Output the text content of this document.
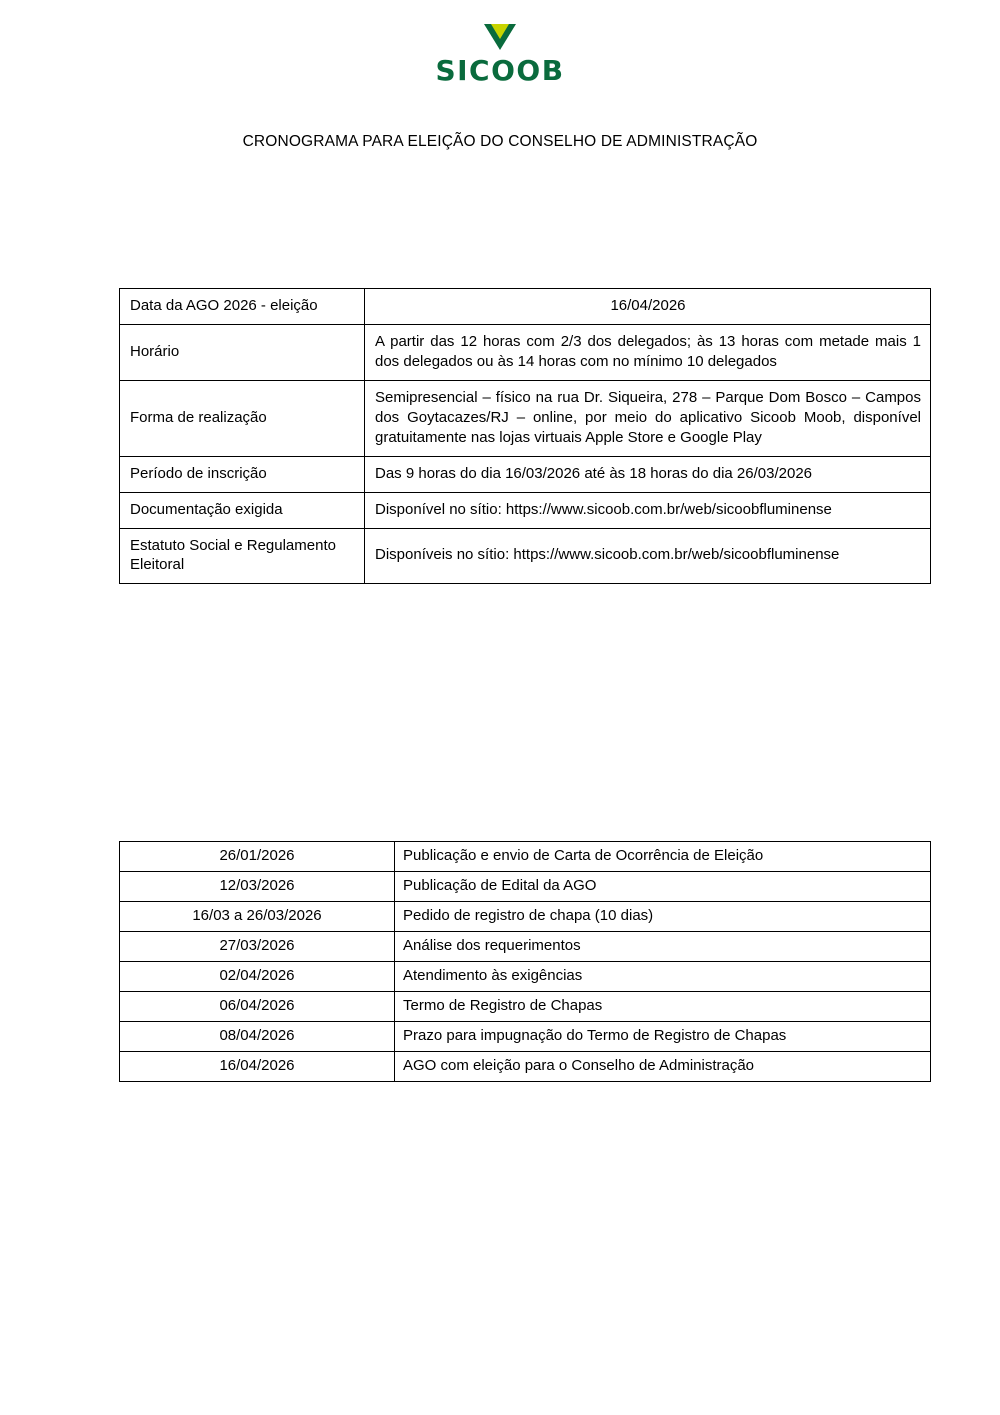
SICOOB
CRONOGRAMA PARA ELEIÇÃO DO CONSELHO DE ADMINISTRAÇÃO
Data da AGO 2026 - eleição	16/04/2026
Horário	A partir das 12 horas com 2/3 dos delegados; às 13 horas com metade mais 1 dos delegados ou às 14 horas com no mínimo 10 delegados
Forma de realização	Semipresencial – físico na rua Dr. Siqueira, 278 – Parque Dom Bosco – Campos dos Goytacazes/RJ – online, por meio do aplicativo Sicoob Moob, disponível gratuitamente nas lojas virtuais Apple Store e Google Play
Período de inscrição	Das 9 horas do dia 16/03/2026 até às 18 horas do dia 26/03/2026
Documentação exigida	Disponível no sítio: https://www.sicoob.com.br/web/sicoobfluminense
Estatuto Social e Regulamento Eleitoral	Disponíveis no sítio: https://www.sicoob.com.br/web/sicoobfluminense
26/01/2026	Publicação e envio de Carta de Ocorrência de Eleição
12/03/2026	Publicação de Edital da AGO
16/03 a 26/03/2026	Pedido de registro de chapa (10 dias)
27/03/2026	Análise dos requerimentos
02/04/2026	Atendimento às exigências
06/04/2026	Termo de Registro de Chapas
08/04/2026	Prazo para impugnação do Termo de Registro de Chapas
16/04/2026	AGO com eleição para o Conselho de Administração
